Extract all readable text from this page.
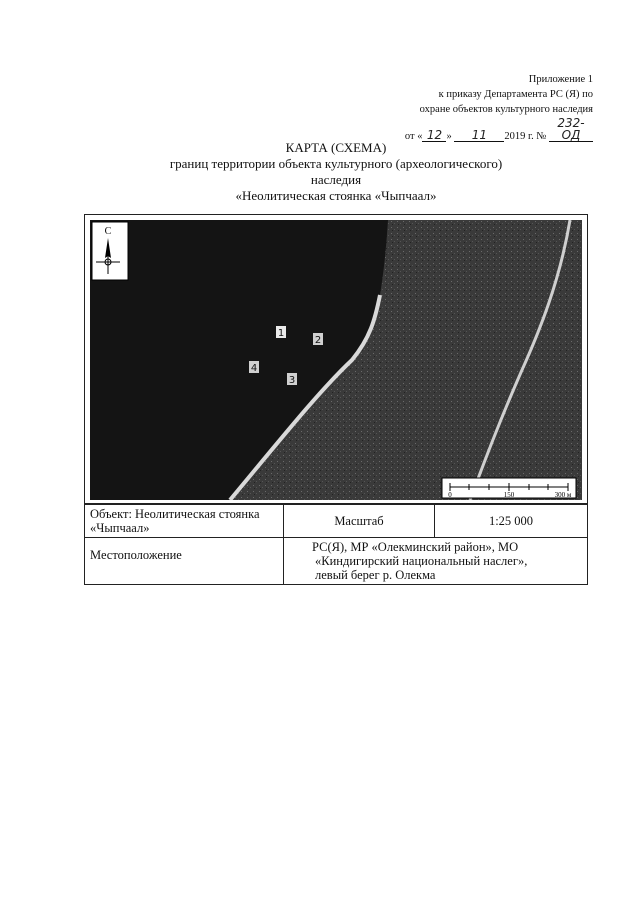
Приложение 1
к приказу Департамента РС (Я) по
охране объектов культурного наследия
от « 12 » 11 2019 г. № 232-ОД
КАРТА (СХЕМА)
границ территории объекта культурного (археологического)
наследия
«Неолитическая стоянка «Чыпчаал»
С
1
2
3
4
0	150	300 м
Объект: Неолитическая стоянка «Чыпчаал»	Масштаб	1:25 000
Местоположение	РС(Я), МР «Олекминский район», МО
«Киндигирский национальный наслег»,
левый берег р. Олекма	
